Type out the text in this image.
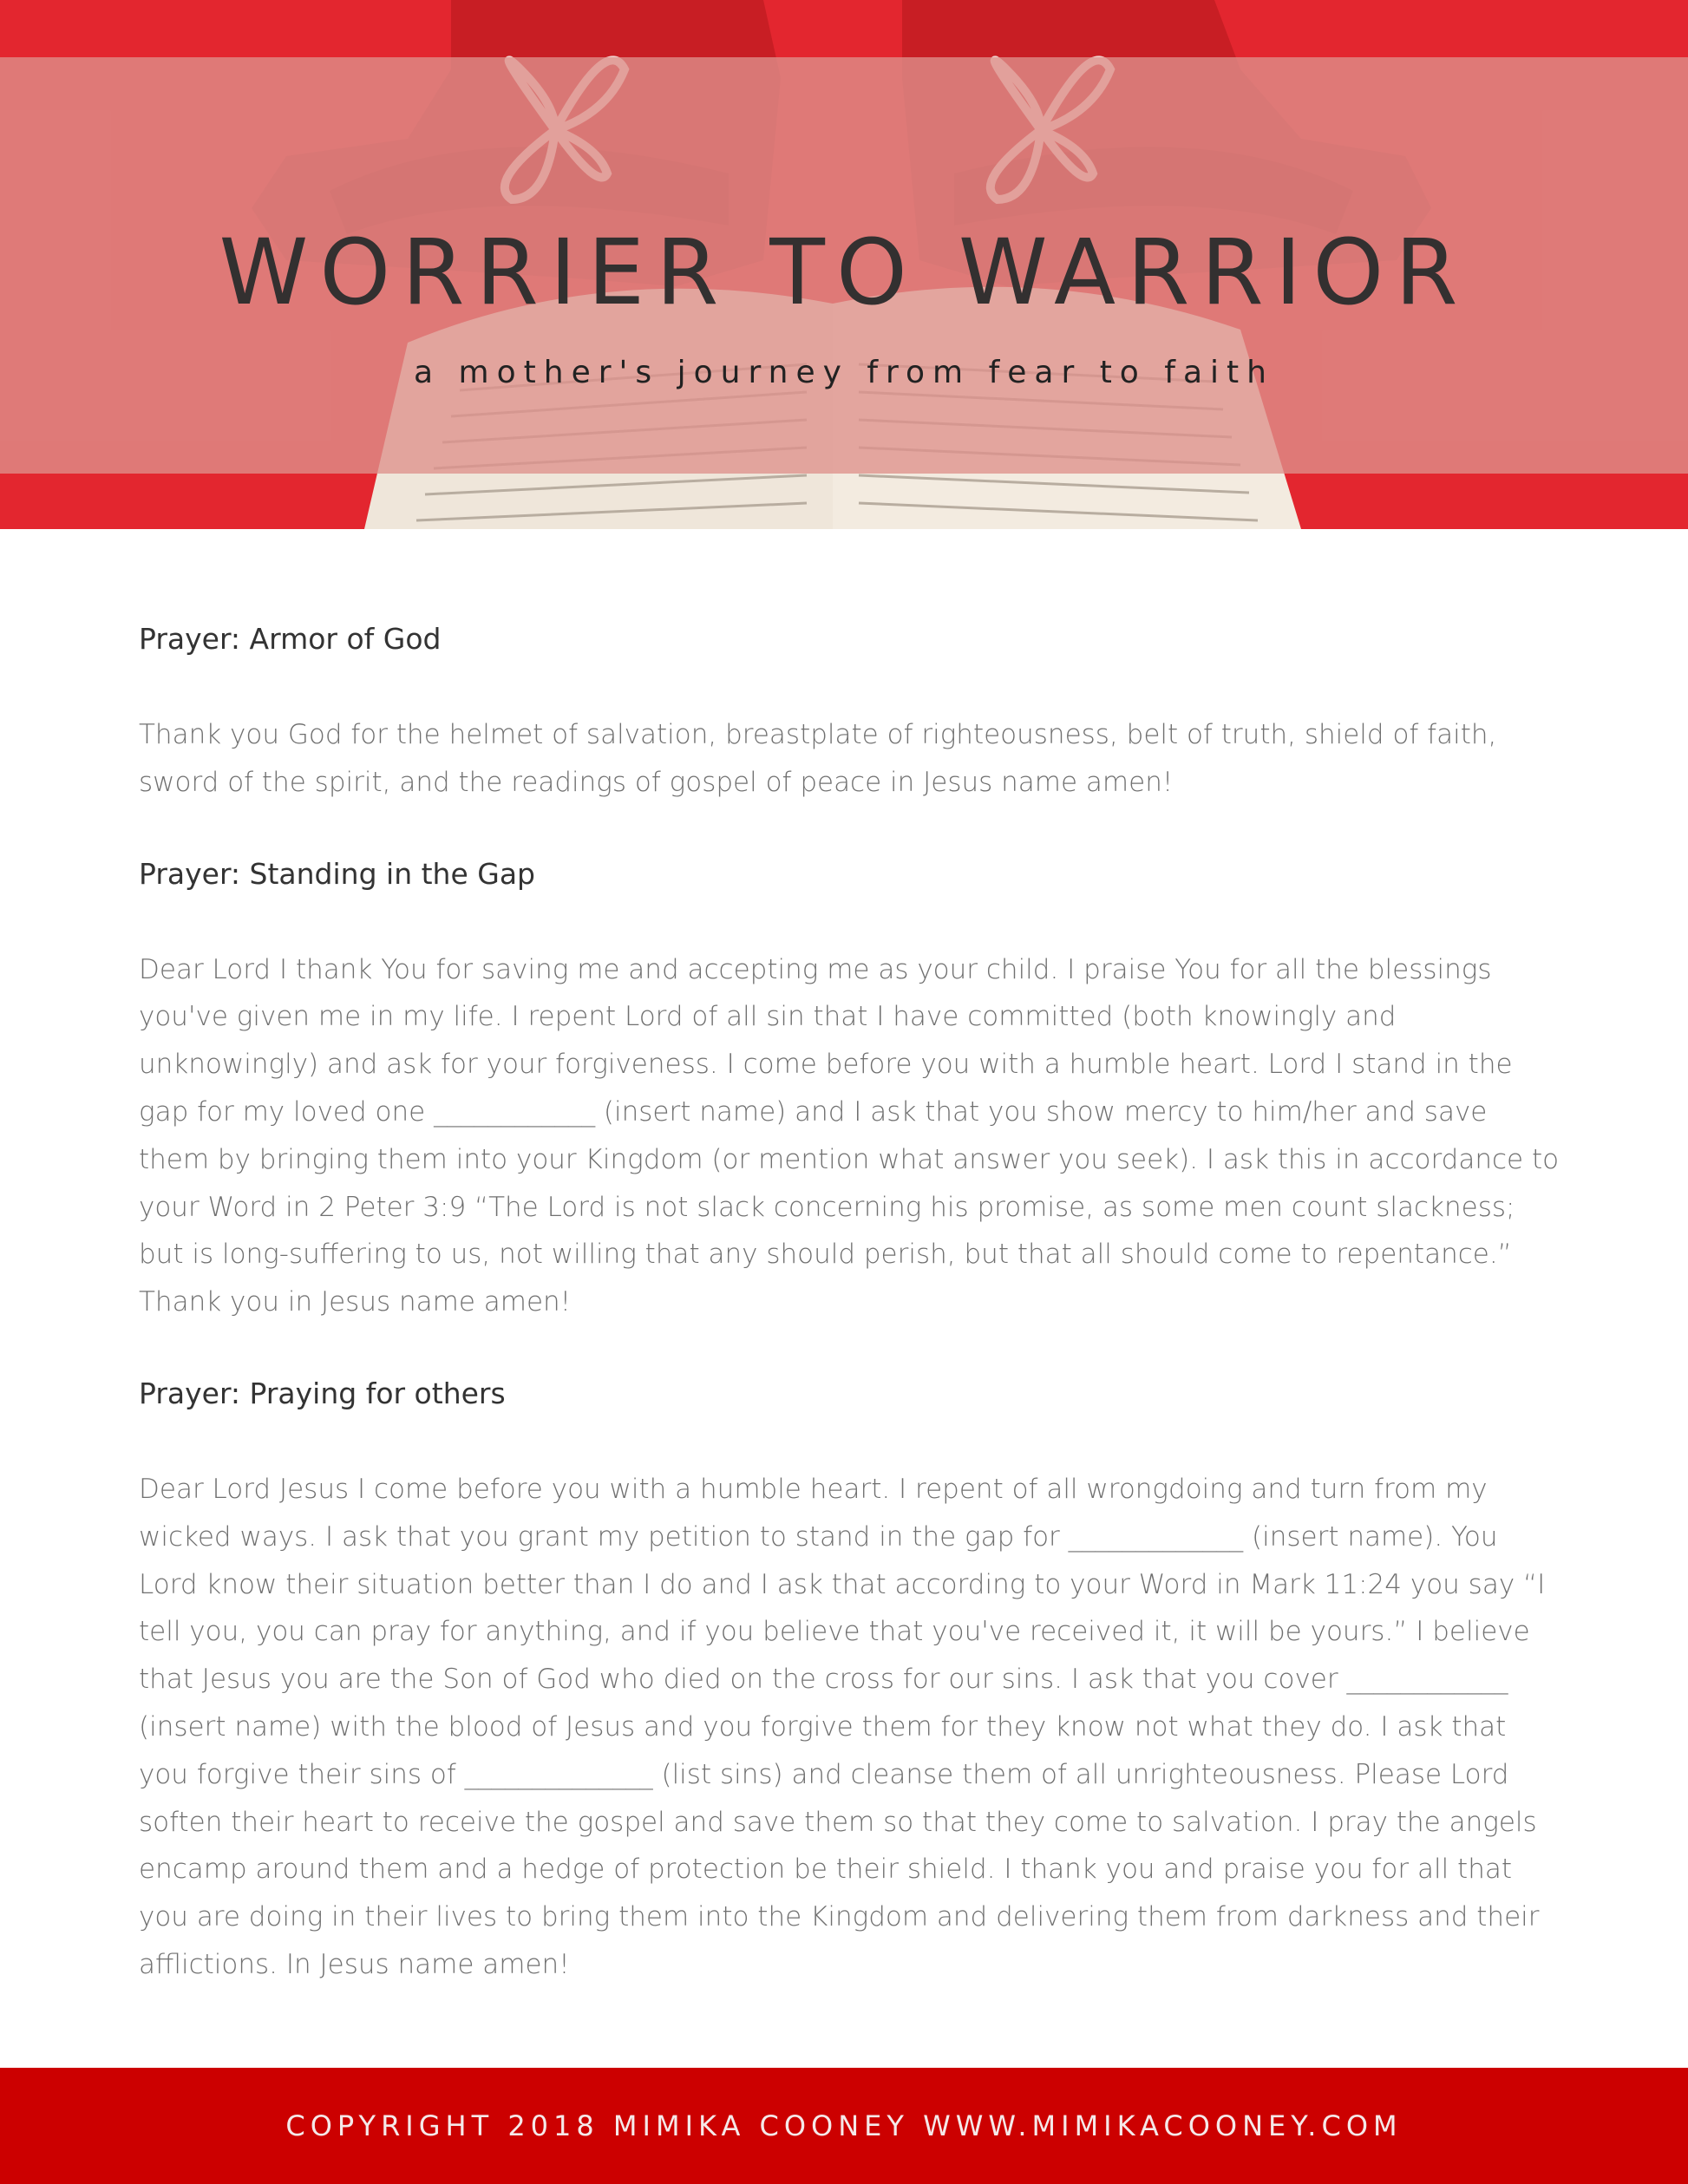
WORRIER TO WARRIOR
a mother's journey from fear to faith

Prayer: Armor of God

Thank you God for the helmet of salvation, breastplate of righteousness, belt of truth, shield of faith, sword of the spirit, and the readings of gospel of peace in Jesus name amen!

Prayer: Standing in the Gap

Dear Lord I thank You for saving me and accepting me as your child. I praise You for all the blessings you've given me in my life. I repent Lord of all sin that I have committed (both knowingly and unknowingly) and ask for your forgiveness. I come before you with a humble heart. Lord I stand in the gap for my loved one ____________ (insert name) and I ask that you show mercy to him/her and save them by bringing them into your Kingdom (or mention what answer you seek). I ask this in accordance to your Word in 2 Peter 3:9 “The Lord is not slack concerning his promise, as some men count slackness; but is long-suffering to us, not willing that any should perish, but that all should come to repentance.” Thank you in Jesus name amen!

Prayer: Praying for others

Dear Lord Jesus I come before you with a humble heart. I repent of all wrongdoing and turn from my wicked ways. I ask that you grant my petition to stand in the gap for _____________ (insert name). You Lord know their situation better than I do and I ask that according to your Word in Mark 11:24 you say “I tell you, you can pray for anything, and if you believe that you've received it, it will be yours.” I believe that Jesus you are the Son of God who died on the cross for our sins. I ask that you cover ____________ (insert name) with the blood of Jesus and you forgive them for they know not what they do. I ask that you forgive their sins of ______________ (list sins) and cleanse them of all unrighteousness. Please Lord soften their heart to receive the gospel and save them so that they come to salvation. I pray the angels encamp around them and a hedge of protection be their shield. I thank you and praise you for all that you are doing in their lives to bring them into the Kingdom and delivering them from darkness and their afflictions. In Jesus name amen!

COPYRIGHT 2018 MIMIKA COONEY WWW.MIMIKACOONEY.COM
